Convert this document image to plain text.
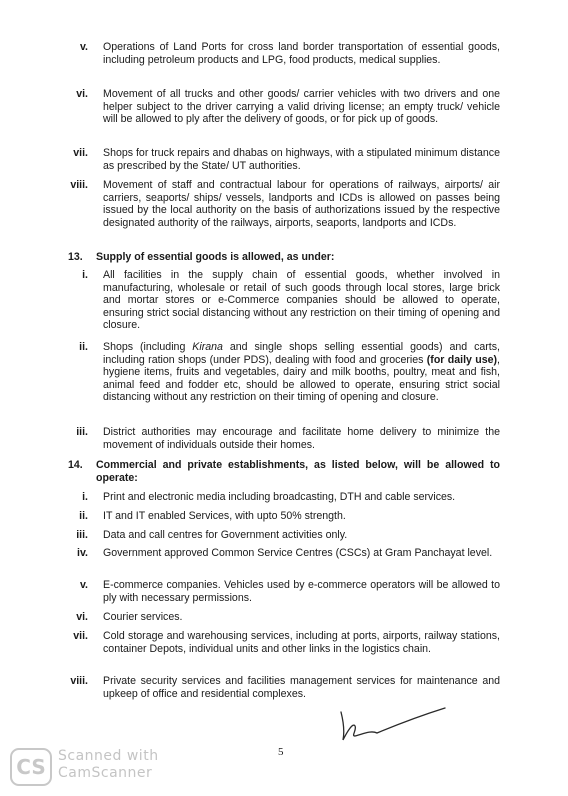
v. Operations of Land Ports for cross land border transportation of essential goods, including petroleum products and LPG, food products, medical supplies.
vi. Movement of all trucks and other goods/ carrier vehicles with two drivers and one helper subject to the driver carrying a valid driving license; an empty truck/ vehicle will be allowed to ply after the delivery of goods, or for pick up of goods.
vii. Shops for truck repairs and dhabas on highways, with a stipulated minimum distance as prescribed by the State/ UT authorities.
viii. Movement of staff and contractual labour for operations of railways, airports/ air carriers, seaports/ ships/ vessels, landports and ICDs is allowed on passes being issued by the local authority on the basis of authorizations issued by the respective designated authority of the railways, airports, seaports, landports and ICDs.
13. Supply of essential goods is allowed, as under:
i. All facilities in the supply chain of essential goods, whether involved in manufacturing, wholesale or retail of such goods through local stores, large brick and mortar stores or e-Commerce companies should be allowed to operate, ensuring strict social distancing without any restriction on their timing of opening and closure.
ii. Shops (including Kirana and single shops selling essential goods) and carts, including ration shops (under PDS), dealing with food and groceries (for daily use), hygiene items, fruits and vegetables, dairy and milk booths, poultry, meat and fish, animal feed and fodder etc, should be allowed to operate, ensuring strict social distancing without any restriction on their timing of opening and closure.
iii. District authorities may encourage and facilitate home delivery to minimize the movement of individuals outside their homes.
14. Commercial and private establishments, as listed below, will be allowed to operate:
i. Print and electronic media including broadcasting, DTH and cable services.
ii. IT and IT enabled Services, with upto 50% strength.
iii. Data and call centres for Government activities only.
iv. Government approved Common Service Centres (CSCs) at Gram Panchayat level.
v. E-commerce companies. Vehicles used by e-commerce operators will be allowed to ply with necessary permissions.
vi. Courier services.
vii. Cold storage and warehousing services, including at ports, airports, railway stations, container Depots, individual units and other links in the logistics chain.
viii. Private security services and facilities management services for maintenance and upkeep of office and residential complexes.
5
CS Scanned with
CamScanner
